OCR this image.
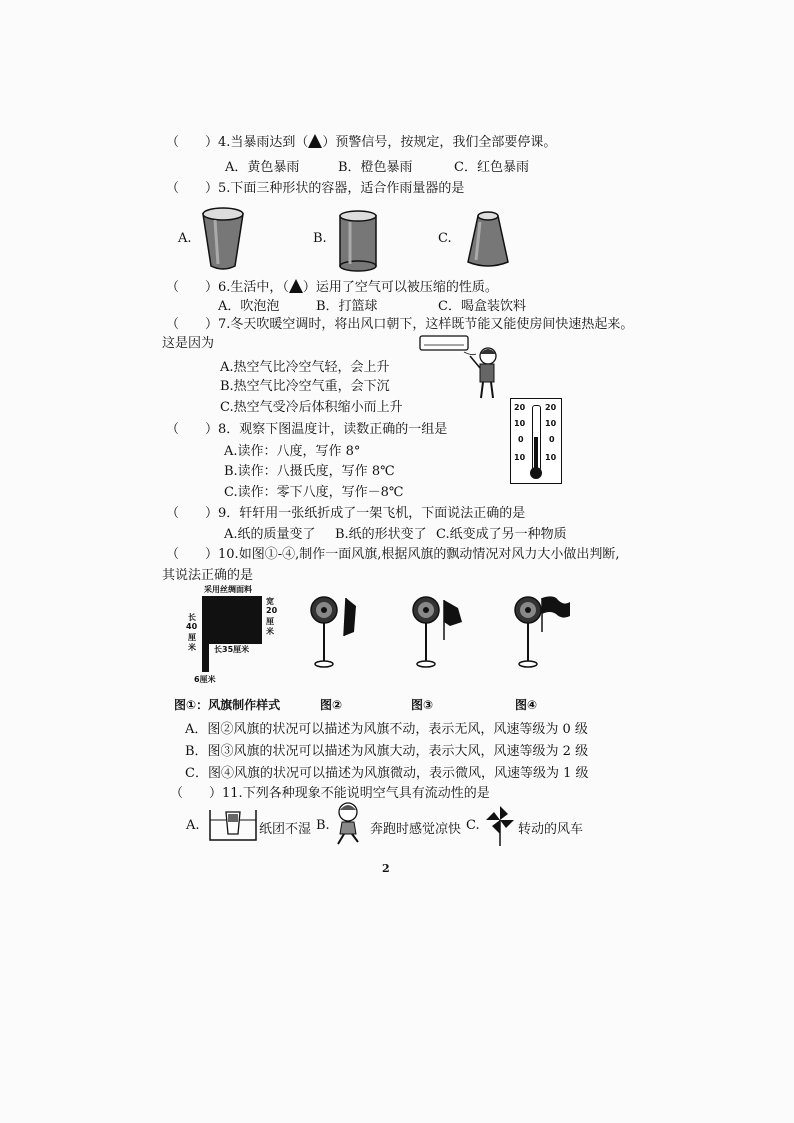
（　　）4.当暴雨达到（ ）预警信号，按规定，我们全部要停课。
A．黄色暴雨	B．橙色暴雨	C．红色暴雨
（　　）5.下面三种形状的容器，适合作雨量器的是
A.	B.	C.
（　　）6.生活中，（ ）运用了空气可以被压缩的性质。
A．吹泡泡	B．打篮球	C．喝盒装饮料
（　　）7.冬天吹暖空调时，将出风口朝下，这样既节能又能使房间快速热起来。
这是因为
A.热空气比冷空气轻，会上升
B.热空气比冷空气重，会下沉
C.热空气受冷后体积缩小而上升
（　　）8．观察下图温度计，读数正确的一组是
A.读作：八度，写作 8°
B.读作：八摄氏度，写作 8℃
C.读作：零下八度，写作－8℃
20
10
0
10
20
10
0
10
（　　）9．轩轩用一张纸折成了一架飞机，下面说法正确的是
A.纸的质量变了 B.纸的形状变了 C.纸变成了另一种物质
（　　）10.如图①-④,制作一面风旗,根据风旗的飘动情况对风力大小做出判断,
其说法正确的是
采用丝绸面料
长35厘米
宽
20
厘
米
长
40
厘
米
6厘米
图①：风旗制作样式	图②	图③	图④
A．图②风旗的状况可以描述为风旗不动，表示无风，风速等级为 0 级
B．图③风旗的状况可以描述为风旗大动，表示大风，风速等级为 2 级
C．图④风旗的状况可以描述为风旗微动，表示微风，风速等级为 1 级
（　　）11.下列各种现象不能说明空气具有流动性的是
A.	纸团不湿 B.	奔跑时感觉凉快 C.	转动的风车
2
